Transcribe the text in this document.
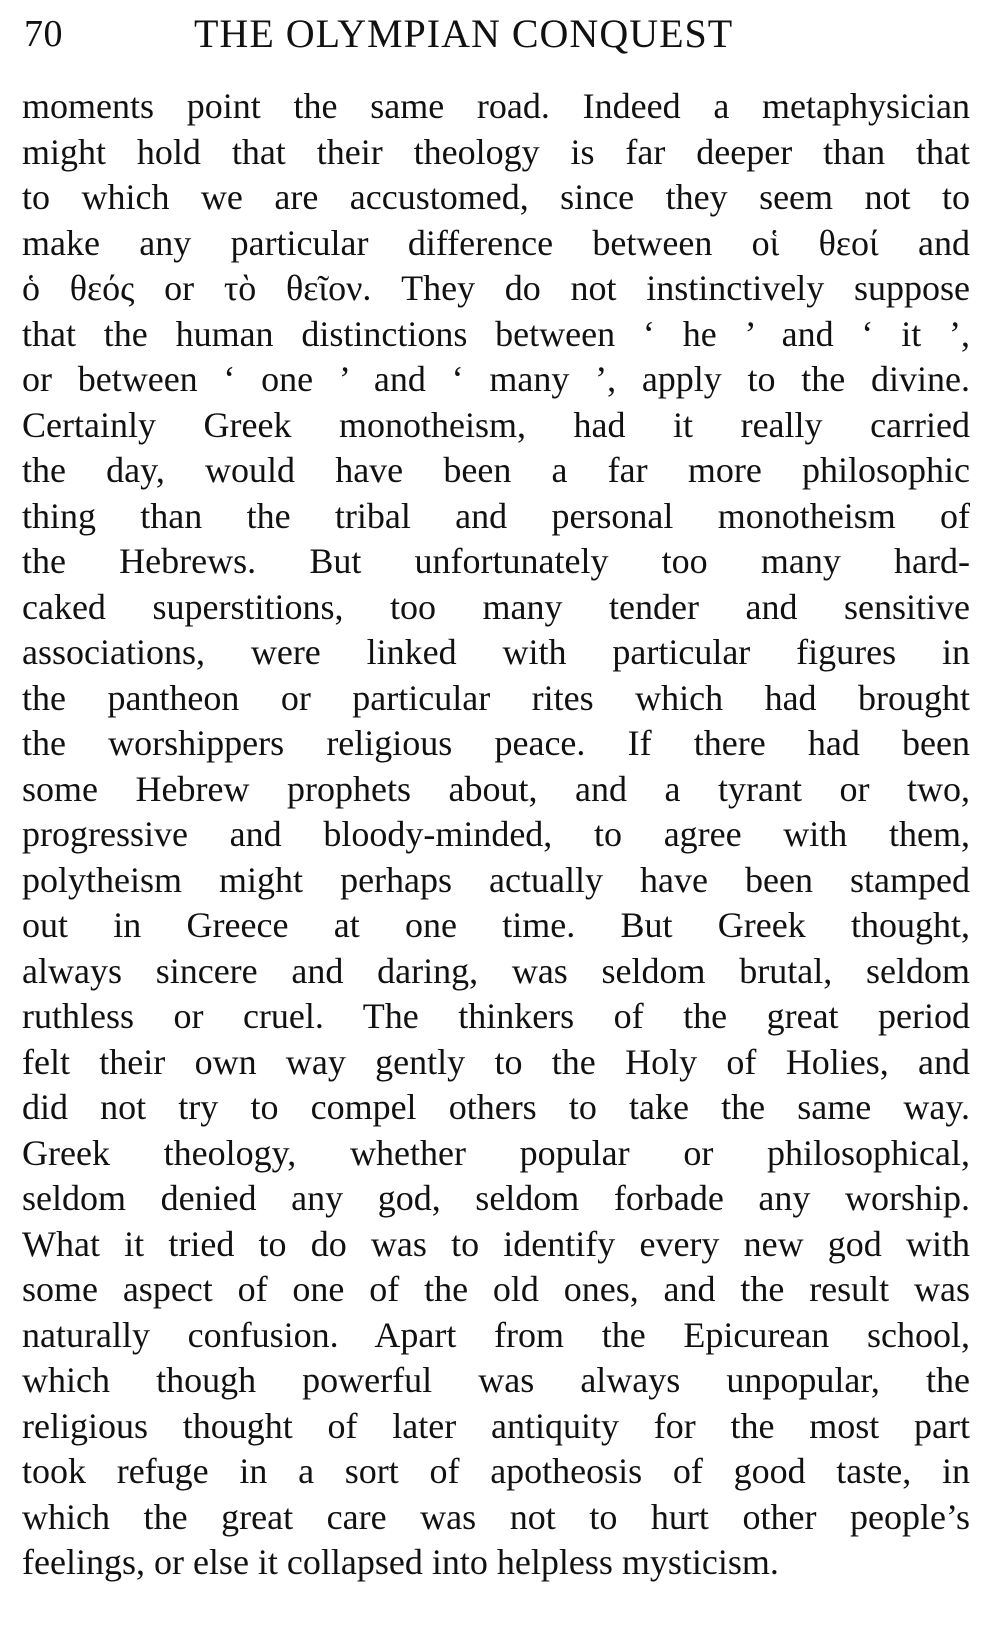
70	THE OLYMPIAN CONQUEST
moments point the same road. Indeed a metaphysician
might hold that their theology is far deeper than that
to which we are accustomed, since they seem not to
make any particular difference between οἱ θεοί and
ὁ θεός or τὸ θεῖον. They do not instinctively suppose
that the human distinctions between ‘ he ’ and ‘ it ’,
or between ‘ one ’ and ‘ many ’, apply to the divine.
Certainly Greek monotheism, had it really carried
the day, would have been a far more philosophic
thing than the tribal and personal monotheism of
the Hebrews. But unfortunately too many hard-
caked superstitions, too many tender and sensitive
associations, were linked with particular figures in
the pantheon or particular rites which had brought
the worshippers religious peace. If there had been
some Hebrew prophets about, and a tyrant or two,
progressive and bloody-minded, to agree with them,
polytheism might perhaps actually have been stamped
out in Greece at one time. But Greek thought,
always sincere and daring, was seldom brutal, seldom
ruthless or cruel. The thinkers of the great period
felt their own way gently to the Holy of Holies, and
did not try to compel others to take the same way.
Greek theology, whether popular or philosophical,
seldom denied any god, seldom forbade any worship.
What it tried to do was to identify every new god with
some aspect of one of the old ones, and the result was
naturally confusion. Apart from the Epicurean school,
which though powerful was always unpopular, the
religious thought of later antiquity for the most part
took refuge in a sort of apotheosis of good taste, in
which the great care was not to hurt other people’s
feelings, or else it collapsed into helpless mysticism.
